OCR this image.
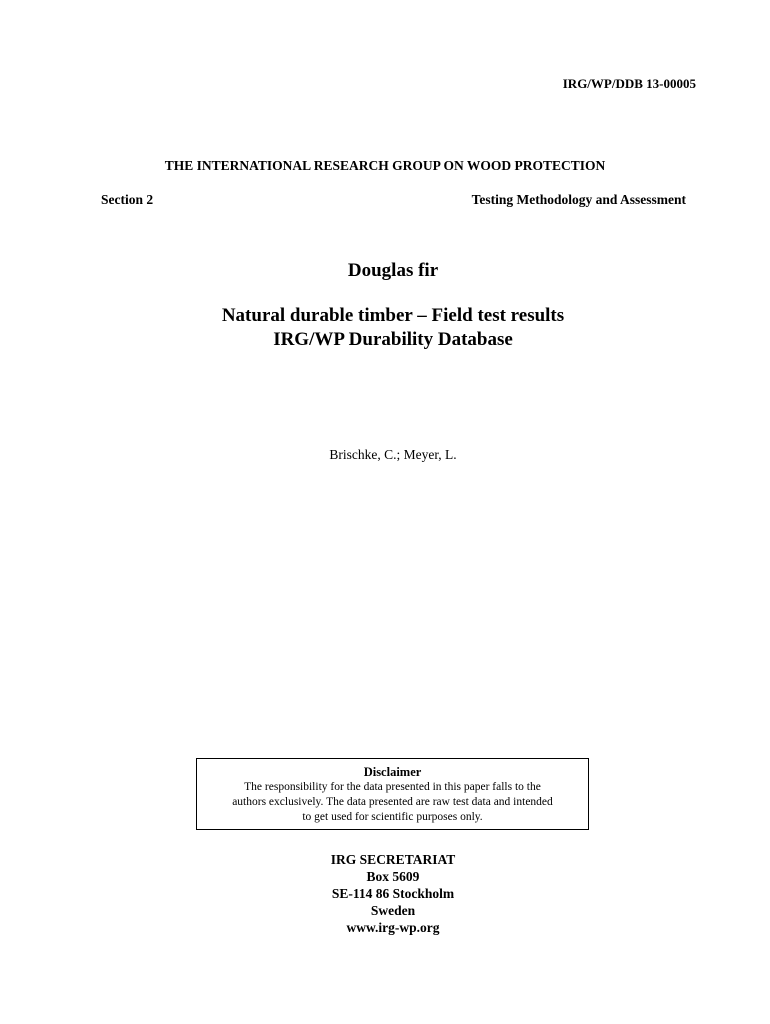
IRG/WP/DDB 13-00005
THE INTERNATIONAL RESEARCH GROUP ON WOOD PROTECTION
Section 2	Testing Methodology and Assessment
Douglas fir
Natural durable timber – Field test results
IRG/WP Durability Database
Brischke, C.; Meyer, L.
Disclaimer
The responsibility for the data presented in this paper falls to the
authors exclusively. The data presented are raw test data and intended
to get used for scientific purposes only.
IRG SECRETARIAT
Box 5609
SE-114 86 Stockholm
Sweden
www.irg-wp.org
